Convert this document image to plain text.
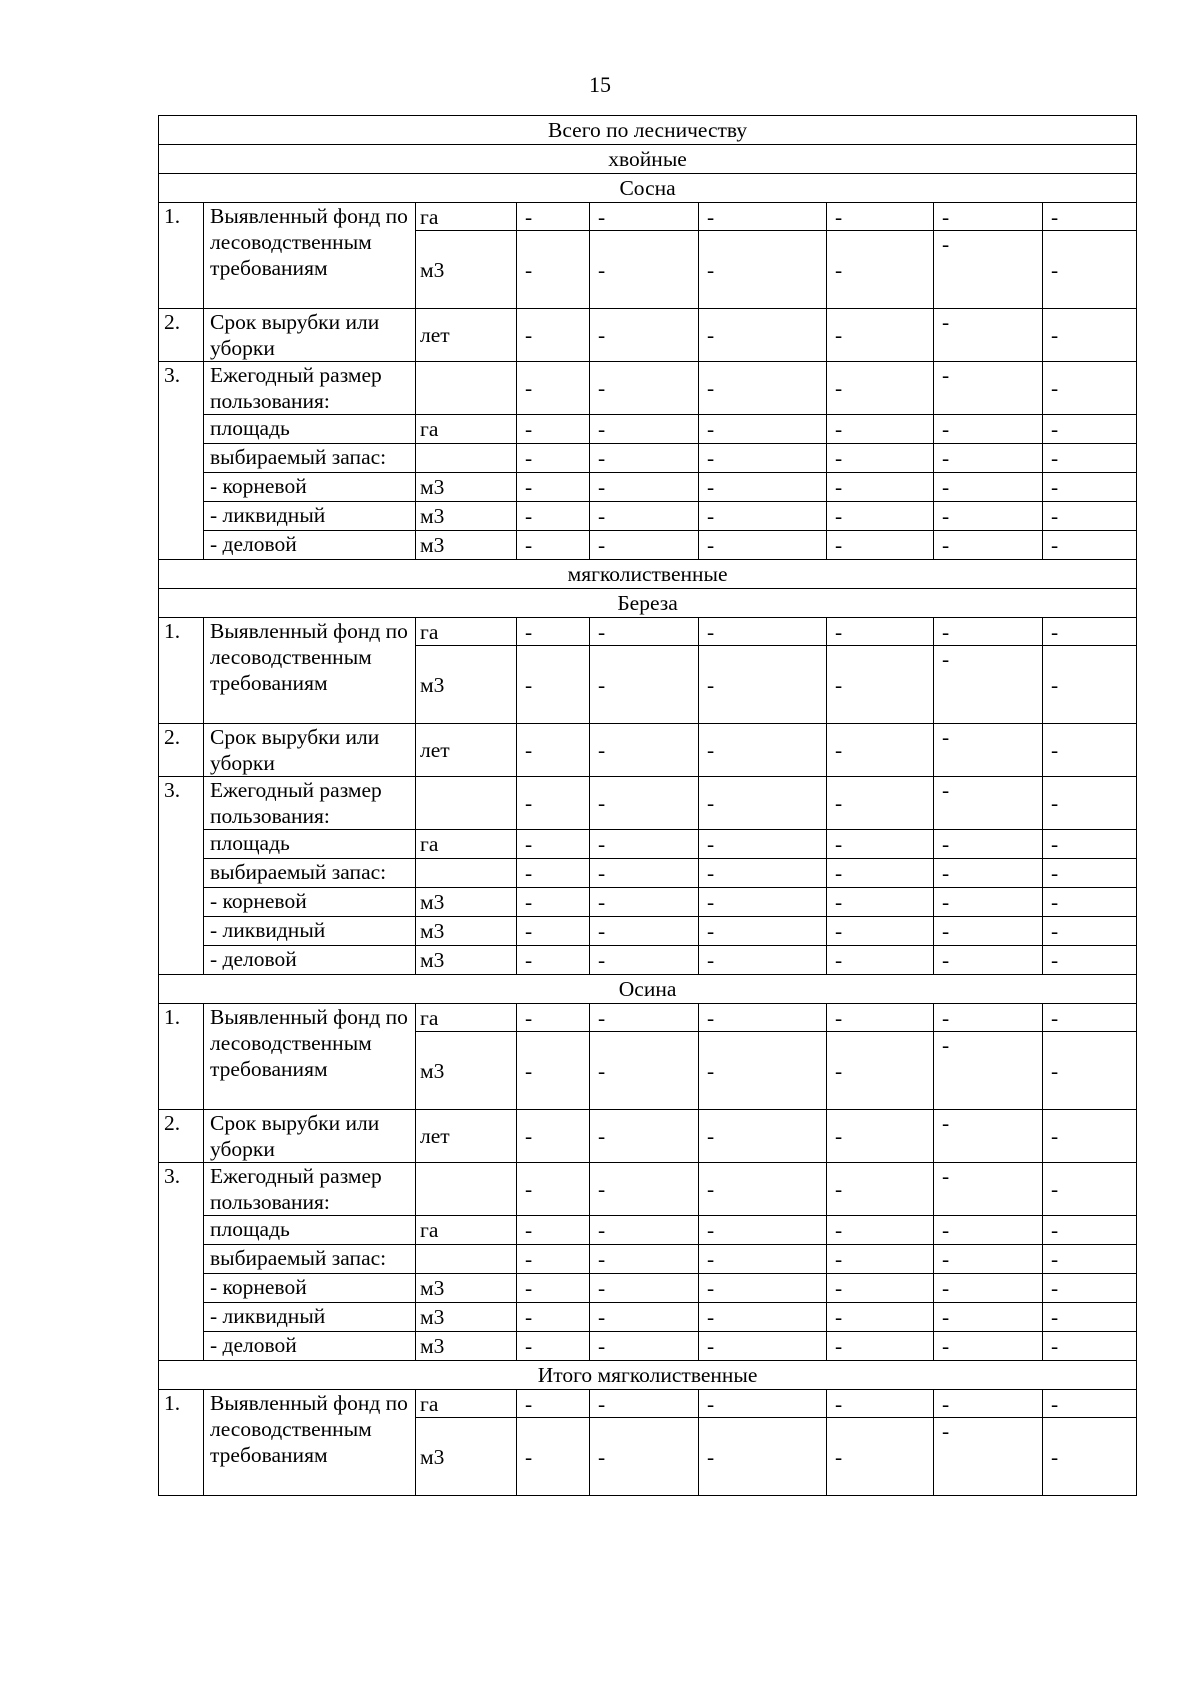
15
Всего по лесничеству								
хвойные								
Сосна								
1.	Выявленный фонд по лесоводственным требованиям	га	-	-	-	-	-	-
		м3	-	-	-	-	-	-
2.	Срок вырубки или уборки	лет	-	-	-	-	-	-
3.	Ежегодный размер пользования:		-	-	-	-	-	-
	площадь	га	-	-	-	-	-	-
	выбираемый запас:		-	-	-	-	-	-
	- корневой	м3	-	-	-	-	-	-
	- ликвидный	м3	-	-	-	-	-	-
	- деловой	м3	-	-	-	-	-	-
мягколиственные								
Береза								
1.	Выявленный фонд по лесоводственным требованиям	га	-	-	-	-	-	-
		м3	-	-	-	-	-	-
2.	Срок вырубки или уборки	лет	-	-	-	-	-	-
3.	Ежегодный размер пользования:		-	-	-	-	-	-
	площадь	га	-	-	-	-	-	-
	выбираемый запас:		-	-	-	-	-	-
	- корневой	м3	-	-	-	-	-	-
	- ликвидный	м3	-	-	-	-	-	-
	- деловой	м3	-	-	-	-	-	-
Осина								
1.	Выявленный фонд по лесоводственным требованиям	га	-	-	-	-	-	-
		м3	-	-	-	-	-	-
2.	Срок вырубки или уборки	лет	-	-	-	-	-	-
3.	Ежегодный размер пользования:		-	-	-	-	-	-
	площадь	га	-	-	-	-	-	-
	выбираемый запас:		-	-	-	-	-	-
	- корневой	м3	-	-	-	-	-	-
	- ликвидный	м3	-	-	-	-	-	-
	- деловой	м3	-	-	-	-	-	-
Итого мягколиственные								
1.	Выявленный фонд по лесоводственным требованиям	га	-	-	-	-	-	-
		м3	-	-	-	-	-	-
